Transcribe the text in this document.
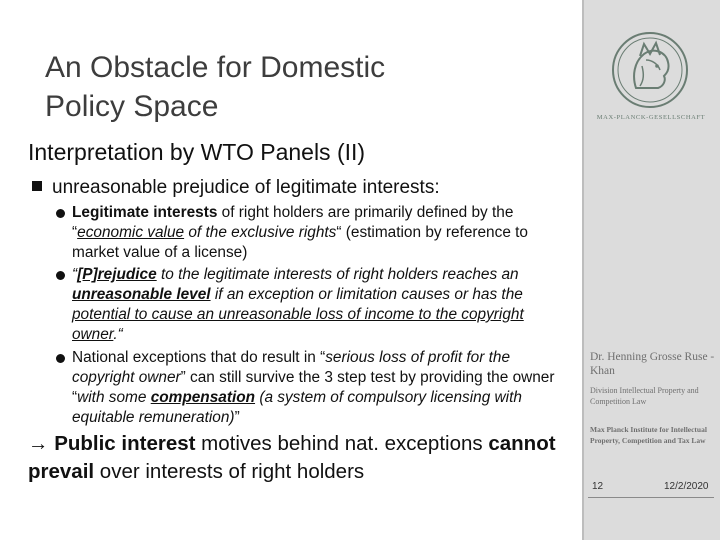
An Obstacle for Domestic
Policy Space
Interpretation by WTO Panels (II)
unreasonable prejudice of legitimate interests:
Legitimate interests of right holders are primarily defined by the “economic value of the exclusive rights“ (estimation by reference to market value of a license)
“[P]rejudice to the legitimate interests of right holders reaches an unreasonable level if an exception or limitation causes or has the potential to cause an unreasonable loss of income to the copyright owner.“
National exceptions that do result in “serious loss of profit for the copyright owner” can still survive the 3 step test by providing the owner “with some compensation (a system of compulsory licensing with equitable remuneration)”
→ Public interest motives behind nat. exceptions cannot prevail over interests of right holders
MAX-PLANCK-GESELLSCHAFT
Dr. Henning Grosse Ruse - Khan
Division Intellectual Property and Competition Law
Max Planck Institute for Intellectual Property, Competition and Tax Law
12	12/2/2020
